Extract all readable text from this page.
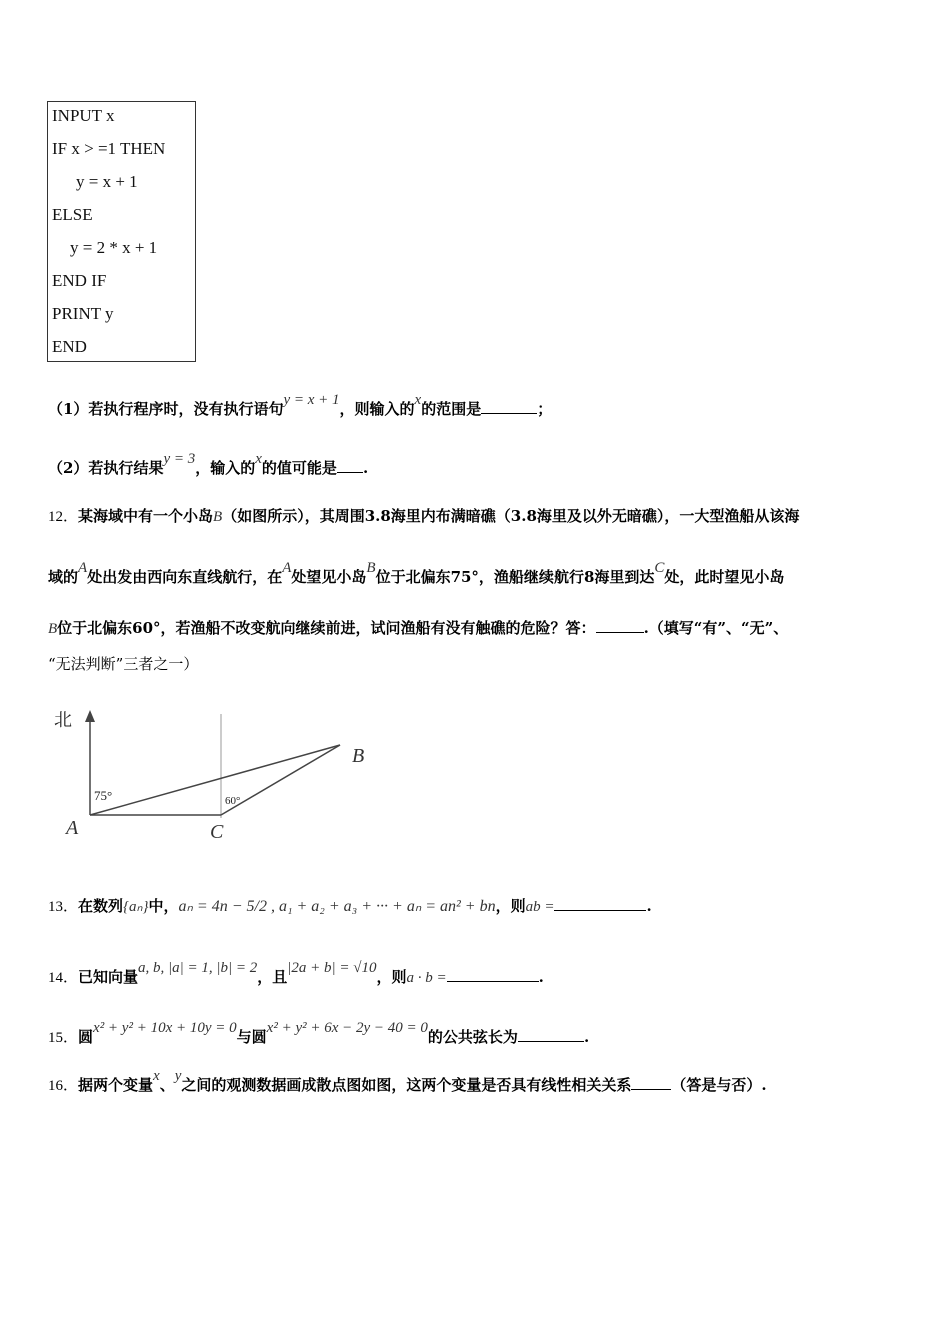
INPUT x
IF x > =1 THEN
y = x + 1
ELSE
y = 2 * x + 1
END IF
PRINT y
END
（1）若执行程序时，没有执行语句y = x + 1，则输入的x的范围是	；
（2）若执行结果y = 3，输入的x的值可能是 .
12．某海域中有一个小岛B（如图所示），其周围3.8海里内布满暗礁（3.8海里及以外无暗礁），一大型渔船从该海
域的A处出发由西向东直线航行，在A处望见小岛B位于北偏东75°，渔船继续航行8海里到达C处，此时望见小岛
B位于北偏东60°，若渔船不改变航向继续前进，试问渔船有没有触礁的危险？答：	.（填写“有”、“无”、
“无法判断”三者之一）
北
75°	60°
A	C
B
13．在数列{aₙ}中，aₙ = 4n − 5/2 , a₁ + a₂ + a₃ + ··· + aₙ = an² + bn，则ab =	.
14．已知向量a, b, |a| = 1, |b| = 2，且|2a + b| = √10，则a · b =	.
15．圆x² + y² + 10x + 10y = 0与圆x² + y² + 6x − 2y − 40 = 0的公共弦长为	.
16．据两个变量x、y之间的观测数据画成散点图如图，这两个变量是否具有线性相关关系	（答是与否）.
